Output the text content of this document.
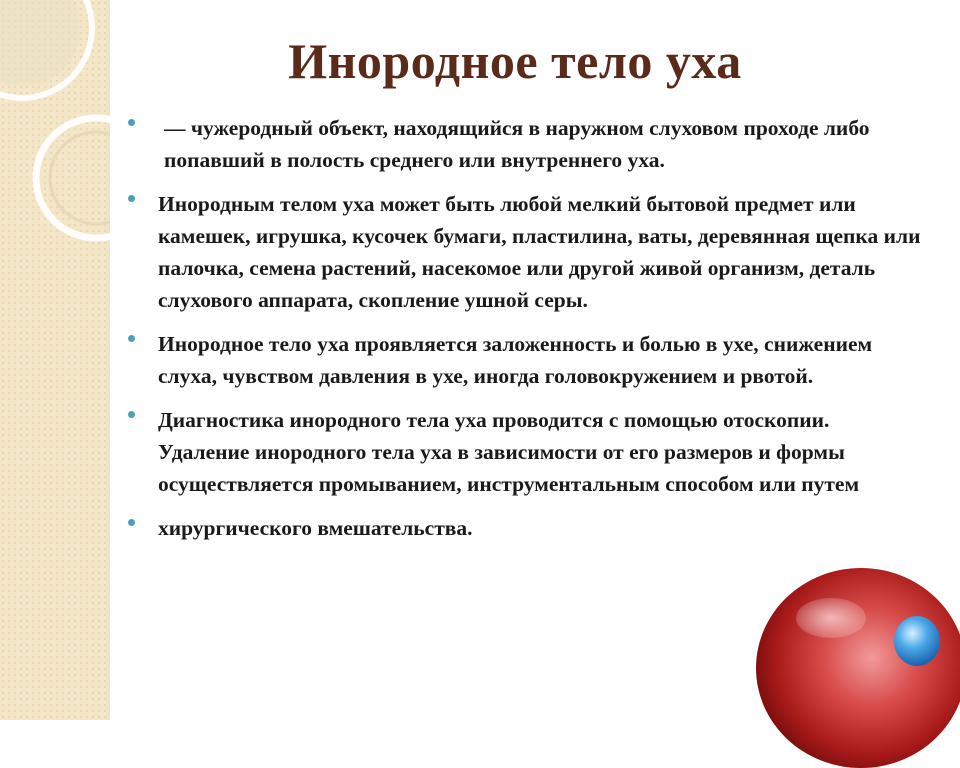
Инородное тело уха
— чужеродный объект, находящийся в наружном слуховом проходе либо попавший в полость среднего или внутреннего уха.
Инородным телом уха может быть любой мелкий бытовой предмет или камешек, игрушка, кусочек бумаги, пластилина, ваты, деревянная щепка или палочка, семена растений, насекомое или другой живой организм, деталь слухового аппарата, скопление ушной серы.
Инородное тело уха проявляется заложенность и болью в ухе, снижением слуха, чувством давления в ухе, иногда головокружением и рвотой.
Диагностика инородного тела уха проводится с помощью отоскопии. Удаление инородного тела уха в зависимости от его размеров и формы осуществляется промыванием, инструментальным способом или путем
хирургического вмешательства.
